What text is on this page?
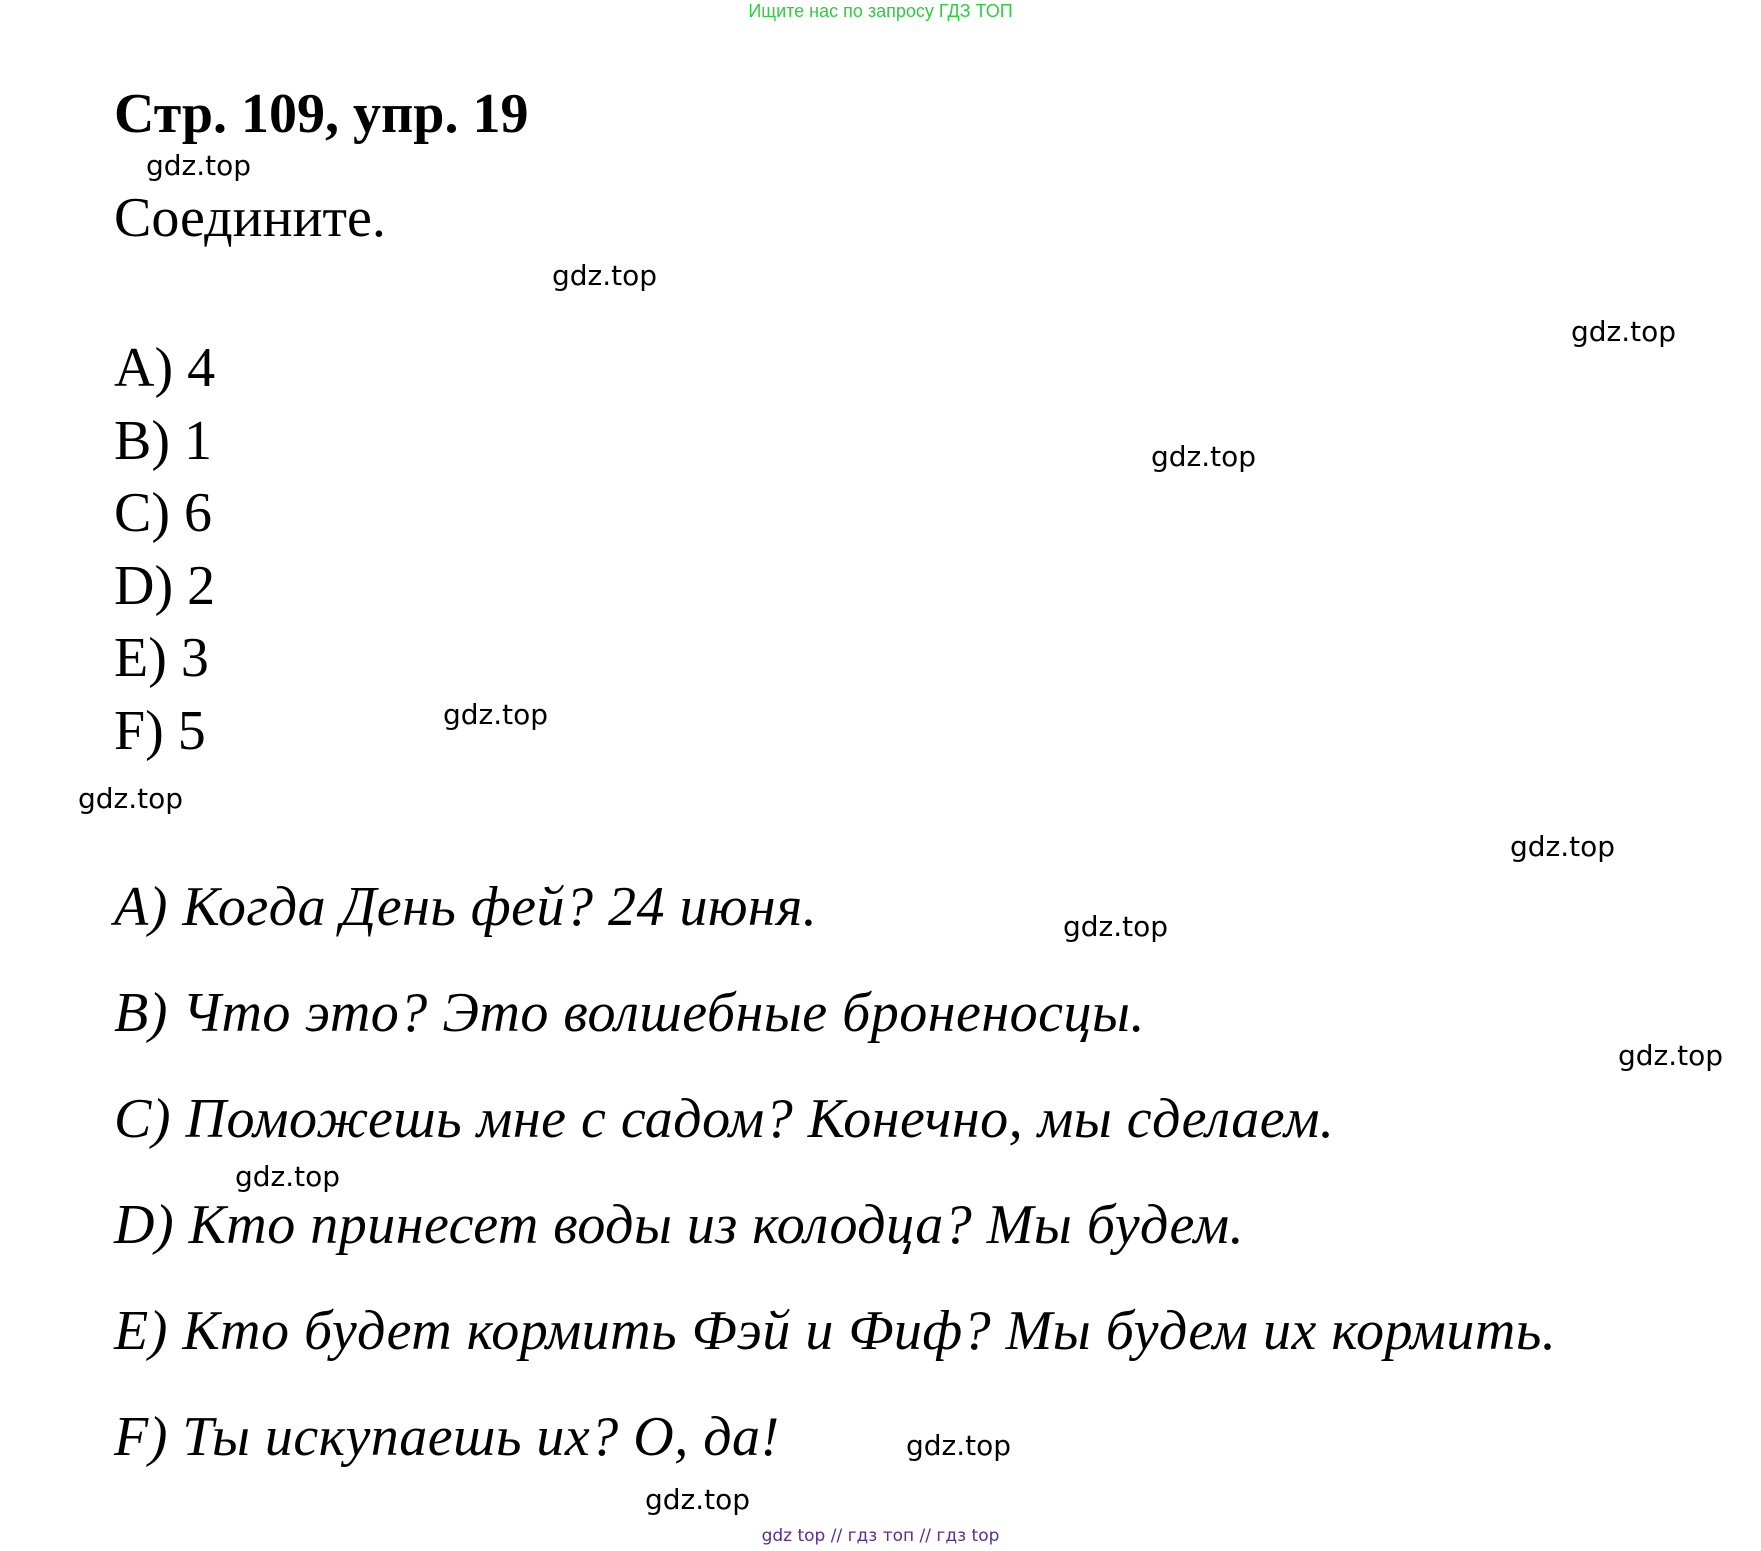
Ищите нас по запросу ГДЗ ТОП
Стр. 109, упр. 19
Соедините.
A) 4
B) 1
C) 6
D) 2
E) 3
F) 5
A) Когда День фей? 24 июня.
B) Что это? Это волшебные броненосцы.
C) Поможешь мне с садом? Конечно, мы сделаем.
D) Кто принесет воды из колодца? Мы будем.
E) Кто будет кормить Фэй и Фиф? Мы будем их кормить.
F) Ты искупаешь их? О, да!
gdz.top
gdz.top
gdz.top
gdz.top
gdz.top
gdz.top
gdz.top
gdz.top
gdz.top
gdz.top
gdz.top
gdz.top
gdz top // гдз топ // гдз top
